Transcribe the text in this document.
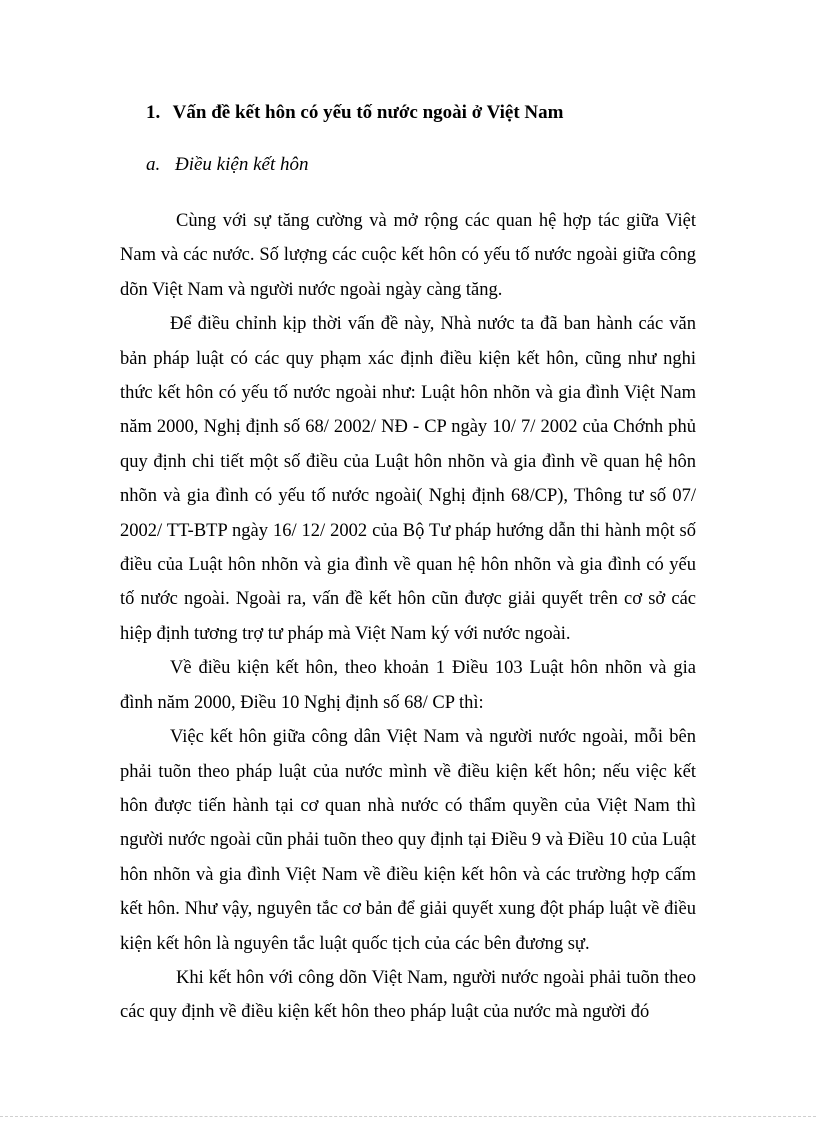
1. Vấn đề kết hôn có yếu tố nước ngoài ở Việt Nam
a. Điều kiện kết hôn

Cùng với sự tăng cường và mở rộng các quan hệ hợp tác giữa Việt Nam và các nước. Số lượng các cuộc kết hôn có yếu tố nước ngoài giữa công dõn Việt Nam và người nước ngoài ngày càng tăng.

Để điều chỉnh kịp thời vấn đề này, Nhà nước ta đã ban hành các văn bản pháp luật có các quy phạm xác định điều kiện kết hôn, cũng như nghi thức kết hôn có yếu tố nước ngoài như: Luật hôn nhõn và gia đình Việt Nam năm 2000, Nghị định số 68/ 2002/ NĐ - CP ngày 10/ 7/ 2002 của Chớnh phủ quy định chi tiết một số điều của Luật hôn nhõn và gia đình về quan hệ hôn nhõn và gia đình có yếu tố nước ngoài( Nghị định 68/CP), Thông tư số 07/ 2002/ TT-BTP ngày 16/ 12/ 2002 của Bộ Tư pháp hướng dẫn thi hành một số điều của Luật hôn nhõn và gia đình về quan hệ hôn nhõn và gia đình có yếu tố nước ngoài. Ngoài ra, vấn đề kết hôn cũn được giải quyết trên cơ sở các hiệp định tương trợ tư pháp mà Việt Nam ký với nước ngoài.

Về điều kiện kết hôn, theo khoản 1 Điều 103 Luật hôn nhõn và gia đình năm 2000, Điều 10 Nghị định số 68/ CP thì:

Việc kết hôn giữa công dân Việt Nam và người nước ngoài, mỗi bên phải tuõn theo pháp luật của nước mình về điều kiện kết hôn; nếu việc kết hôn được tiến hành tại cơ quan nhà nước có thẩm quyền của Việt Nam thì người nước ngoài cũn phải tuõn theo quy định tại Điều 9 và Điều 10 của Luật hôn nhõn và gia đình Việt Nam về điều kiện kết hôn và các trường hợp cấm kết hôn. Như vậy, nguyên tắc cơ bản để giải quyết xung đột pháp luật về điều kiện kết hôn là nguyên tắc luật quốc tịch của các bên đương sự.

Khi kết hôn với công dõn Việt Nam, người nước ngoài phải tuõn theo các quy định về điều kiện kết hôn theo pháp luật của nước mà người đó
